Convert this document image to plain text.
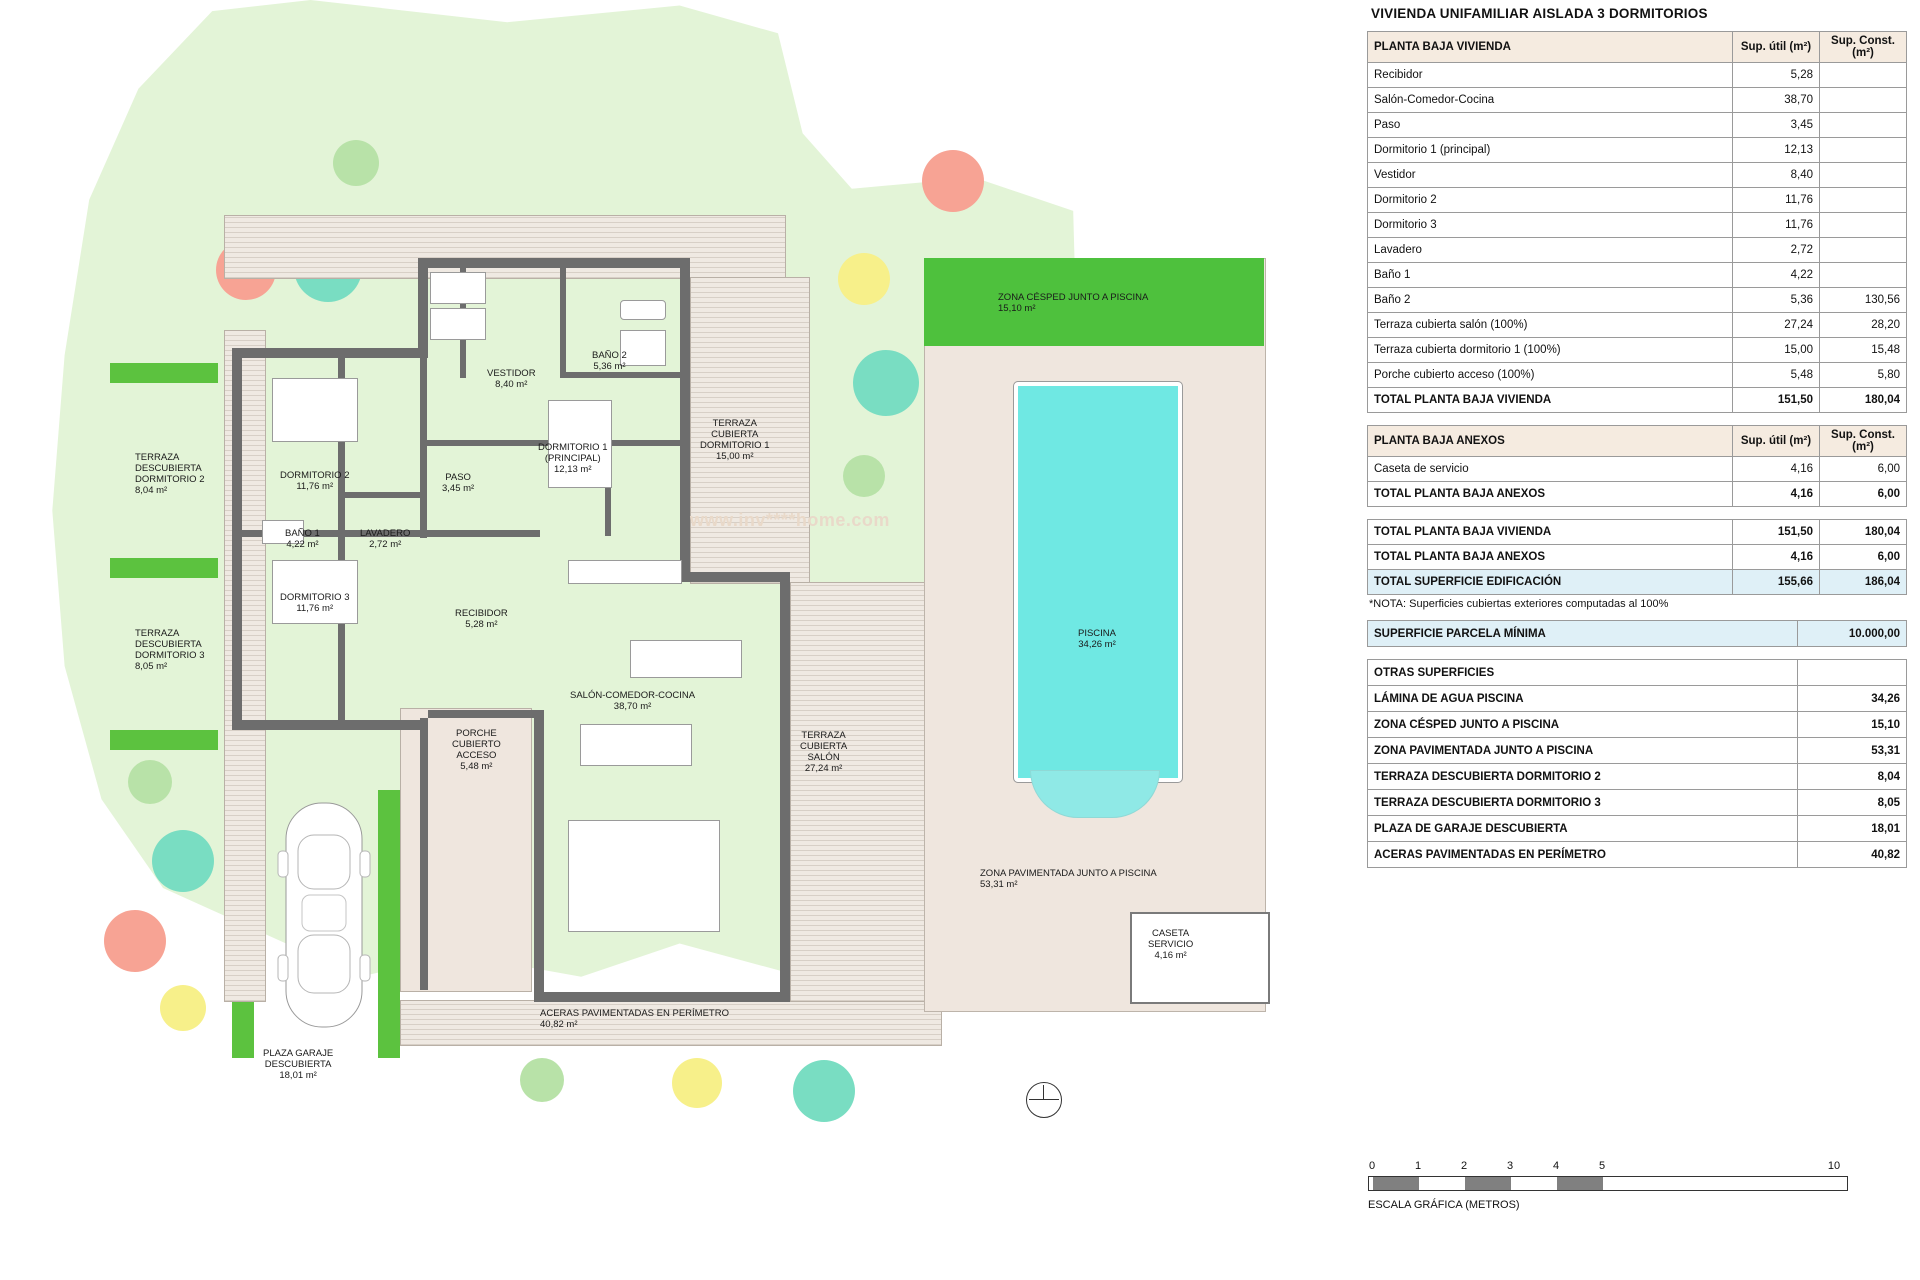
TERRAZA
DESCUBIERTA
DORMITORIO 2
8,04 m²
TERRAZA
DESCUBIERTA
DORMITORIO 3
8,05 m²
DORMITORIO 2
11,76 m²
DORMITORIO 3
11,76 m²
BAÑO 1
4,22 m²
LAVADERO
2,72 m²
PASO
3,45 m²
VESTIDOR
8,40 m²
BAÑO 2
5,36 m²
DORMITORIO 1
(PRINCIPAL)
12,13 m²
TERRAZA
CUBIERTA
DORMITORIO 1
15,00 m²
RECIBIDOR
5,28 m²
SALÓN-COMEDOR-COCINA
38,70 m²
PORCHE
CUBIERTO
ACCESO
5,48 m²
TERRAZA
CUBIERTA
SALÓN
27,24 m²
PLAZA GARAJE
DESCUBIERTA
18,01 m²
ACERAS PAVIMENTADAS EN PERÍMETRO
40,82 m²
ZONA CÉSPED JUNTO A PISCINA
15,10 m²
PISCINA
34,26 m²
ZONA PAVIMENTADA JUNTO A PISCINA
53,31 m²
CASETA
SERVICIO
4,16 m²
www.inv****home.com
VIVIENDA UNIFAMILIAR AISLADA 3 DORMITORIOS
PLANTA BAJA VIVIENDA	Sup. útil (m²)	Sup. Const. (m²)
Recibidor	5,28	
Salón-Comedor-Cocina	38,70	
Paso	3,45	
Dormitorio 1 (principal)	12,13	
Vestidor	8,40	
Dormitorio 2	11,76	
Dormitorio 3	11,76	
Lavadero	2,72	
Baño 1	4,22	
Baño 2	5,36	130,56
Terraza cubierta salón (100%)	27,24	28,20
Terraza cubierta dormitorio 1 (100%)	15,00	15,48
Porche cubierto acceso (100%)	5,48	5,80
TOTAL PLANTA BAJA VIVIENDA	151,50	180,04
PLANTA BAJA ANEXOS	Sup. útil (m²)	Sup. Const. (m²)
Caseta de servicio	4,16	6,00
TOTAL PLANTA BAJA ANEXOS	4,16	6,00
TOTAL PLANTA BAJA VIVIENDA	151,50	180,04
TOTAL PLANTA BAJA ANEXOS	4,16	6,00
TOTAL SUPERFICIE EDIFICACIÓN	155,66	186,04
*NOTA: Superficies cubiertas exteriores computadas al 100%
SUPERFICIE PARCELA MÍNIMA	10.000,00
OTRAS SUPERFICIES	
LÁMINA DE AGUA PISCINA	34,26
ZONA CÉSPED JUNTO A PISCINA	15,10
ZONA PAVIMENTADA JUNTO A PISCINA	53,31
TERRAZA DESCUBIERTA DORMITORIO 2	8,04
TERRAZA DESCUBIERTA DORMITORIO 3	8,05
PLAZA DE GARAJE DESCUBIERTA	18,01
ACERAS PAVIMENTADAS EN PERÍMETRO	40,82
0	1	2	3	4	5	10
ESCALA GRÁFICA (METROS)
